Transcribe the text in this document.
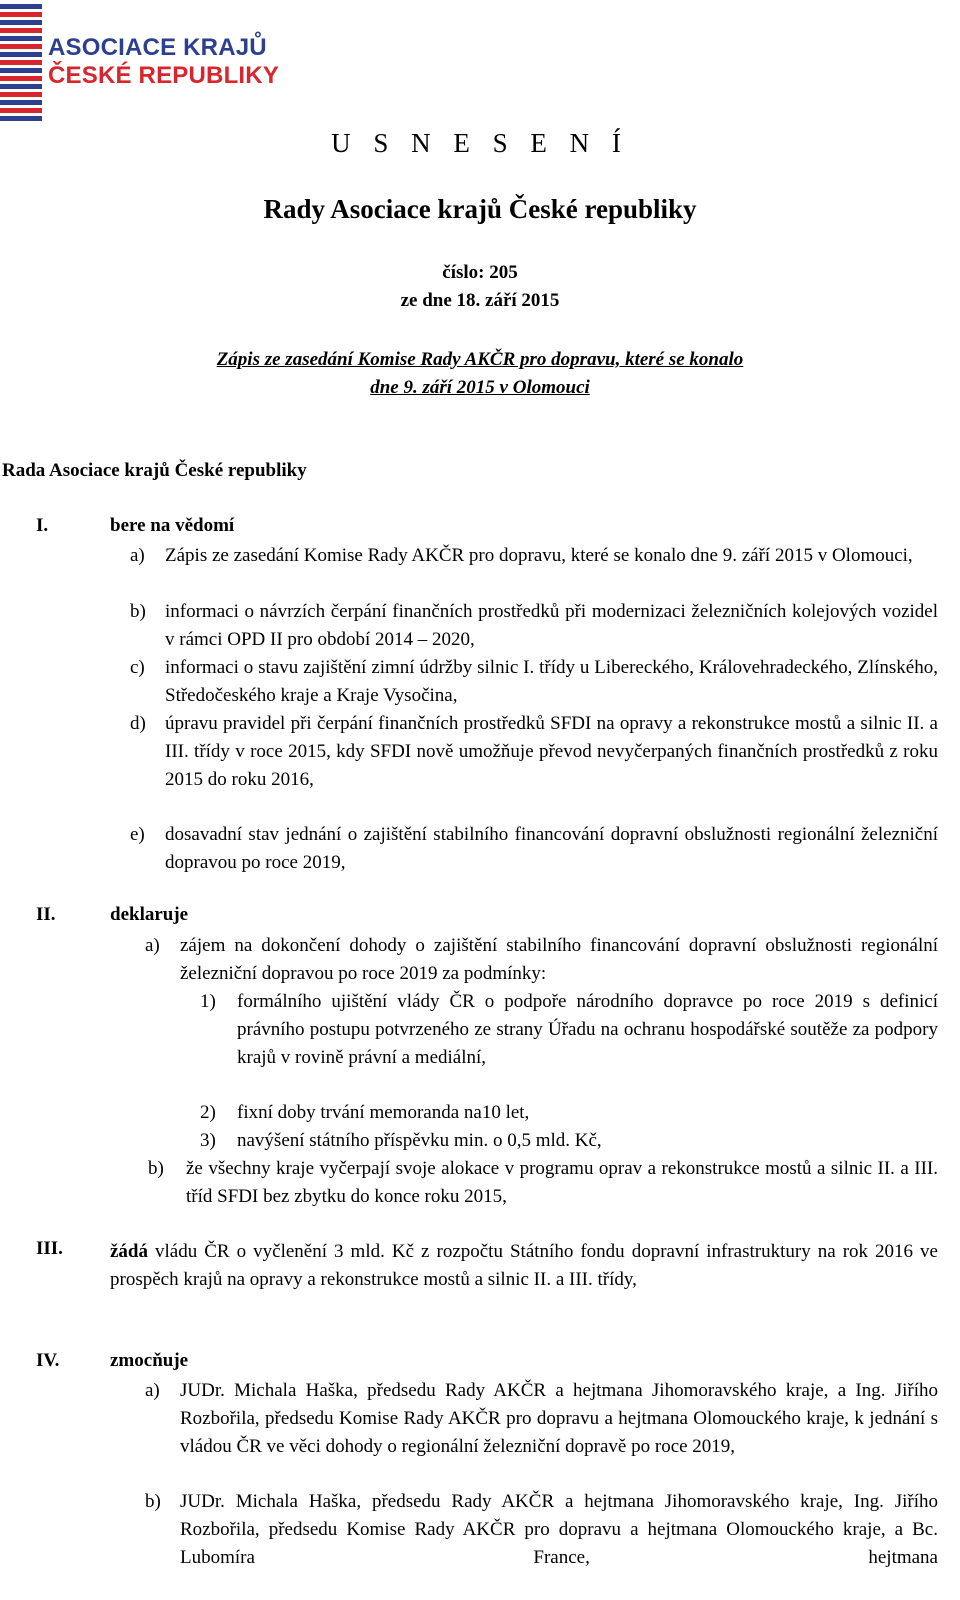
ASOCIACE KRAJŮ
ČESKÉ REPUBLIKY
U S N E S E N Í
Rady Asociace krajů České republiky
číslo: 205
ze dne 18. září 2015
Zápis ze zasedání Komise Rady AKČR pro dopravu, které se konalo
dne 9. září 2015 v Olomouci
Rada Asociace krajů České republiky
I.	bere na vědomí
a) Zápis ze zasedání Komise Rady AKČR pro dopravu, které se konalo dne 9. září 2015 v Olomouci,
b) informaci o návrzích čerpání finančních prostředků při modernizaci železničních kolejových vozidel v rámci OPD II pro období 2014 – 2020,
c) informaci o stavu zajištění zimní údržby silnic I. třídy u Libereckého, Královehradeckého, Zlínského, Středočeského kraje a Kraje Vysočina,
d) úpravu pravidel při čerpání finančních prostředků SFDI na opravy a rekonstrukce mostů a silnic II. a III. třídy v roce 2015, kdy SFDI nově umožňuje převod nevyčerpaných finančních prostředků z roku 2015 do roku 2016,
e) dosavadní stav jednání o zajištění stabilního financování dopravní obslužnosti regionální železniční dopravou po roce 2019,
II.	deklaruje
a) zájem na dokončení dohody o zajištění stabilního financování dopravní obslužnosti regionální železniční dopravou po roce 2019 za podmínky:
1) formálního ujištění vlády ČR o podpoře národního dopravce po roce 2019 s definicí právního postupu potvrzeného ze strany Úřadu na ochranu hospodářské soutěže za podpory krajů v rovině právní a mediální,
2) fixní doby trvání memoranda na10 let,
3) navýšení státního příspěvku min. o 0,5 mld. Kč,
b) že všechny kraje vyčerpají svoje alokace v programu oprav a rekonstrukce mostů a silnic II. a III. tříd SFDI bez zbytku do konce roku 2015,
III. žádá vládu ČR o vyčlenění 3 mld. Kč z rozpočtu Státního fondu dopravní infrastruktury na rok 2016 ve prospěch krajů na opravy a rekonstrukce mostů a silnic II. a III. třídy,
IV.	zmocňuje
a) JUDr. Michala Haška, předsedu Rady AKČR a hejtmana Jihomoravského kraje, a Ing. Jiřího Rozbořila, předsedu Komise Rady AKČR pro dopravu a hejtmana Olomouckého kraje, k jednání s vládou ČR ve věci dohody o regionální železniční dopravě po roce 2019,
b) JUDr. Michala Haška, předsedu Rady AKČR a hejtmana Jihomoravského kraje, Ing. Jiřího Rozbořila, předsedu Komise Rady AKČR pro dopravu a hejtmana Olomouckého kraje, a Bc. Lubomíra France, hejtmana
